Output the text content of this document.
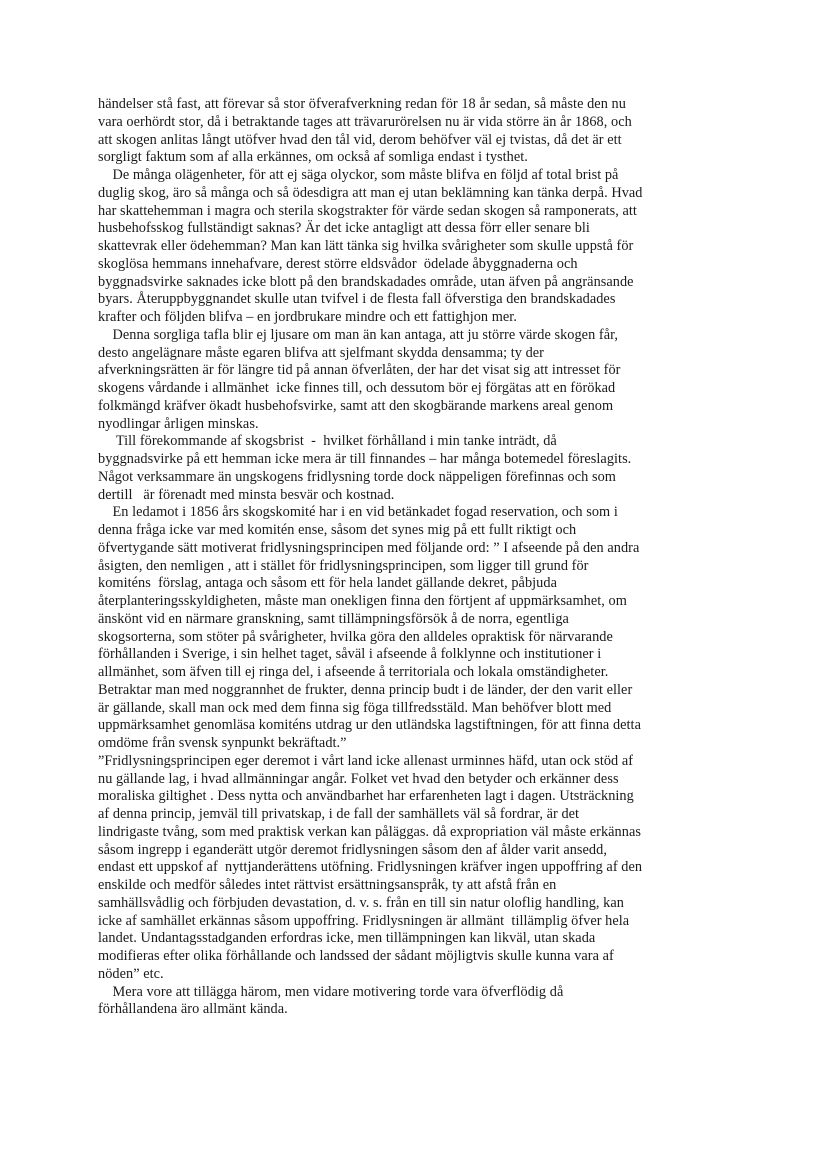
händelser stå fast, att förevar så stor öfverafverkning redan för 18 år sedan, så måste den nu
vara oerhördt stor, då i betraktande tages att trävarurörelsen nu är vida större än år 1868, och
att skogen anlitas långt utöfver hvad den tål vid, derom behöfver väl ej tvistas, då det är ett
sorgligt faktum som af alla erkännes, om också af somliga endast i tysthet.
De många olägenheter, för att ej säga olyckor, som måste blifva en följd af total brist på
duglig skog, äro så många och så ödesdigra att man ej utan beklämning kan tänka derpå. Hvad
har skattehemman i magra och sterila skogstrakter för värde sedan skogen så ramponerats, att
husbehofsskog fullständigt saknas? Är det icke antagligt att dessa förr eller senare bli
skattevrak eller ödehemman? Man kan lätt tänka sig hvilka svårigheter som skulle uppstå för
skoglösa hemmans innehafvare, derest större eldsvådor  ödelade åbyggnaderna och
byggnadsvirke saknades icke blott på den brandskadades område, utan äfven på angränsande
byars. Återuppbyggnandet skulle utan tvifvel i de flesta fall öfverstiga den brandskadades
krafter och följden blifva – en jordbrukare mindre och ett fattighjon mer.
Denna sorgliga tafla blir ej ljusare om man än kan antaga, att ju större värde skogen får,
desto angelägnare måste egaren blifva att sjelfmant skydda densamma; ty der
afverkningsrätten är för längre tid på annan öfverlåten, der har det visat sig att intresset för
skogens vårdande i allmänhet  icke finnes till, och dessutom bör ej förgätas att en förökad
folkmängd kräfver ökadt husbehofsvirke, samt att den skogbärande markens areal genom
nyodlingar årligen minskas.
Till förekommande af skogsbrist  -  hvilket förhålland i min tanke inträdt, då
byggnadsvirke på ett hemman icke mera är till finnandes – har många botemedel föreslagits.
Något verksammare än ungskogens fridlysning torde dock näppeligen förefinnas och som
dertill   är förenadt med minsta besvär och kostnad.
En ledamot i 1856 års skogskomité har i en vid betänkadet fogad reservation, och som i
denna fråga icke var med komitén ense, såsom det synes mig på ett fullt riktigt och
öfvertygande sätt motiverat fridlysningsprincipen med följande ord: ” I afseende på den andra
åsigten, den nemligen , att i stället för fridlysningsprincipen, som ligger till grund för
komiténs  förslag, antaga och såsom ett för hela landet gällande dekret, påbjuda
återplanteringsskyldigheten, måste man onekligen finna den förtjent af uppmärksamhet, om
änskönt vid en närmare granskning, samt tillämpningsförsök å de norra, egentliga
skogsorterna, som stöter på svårigheter, hvilka göra den alldeles opraktisk för närvarande
förhållanden i Sverige, i sin helhet taget, såväl i afseende å folklynne och institutioner i
allmänhet, som äfven till ej ringa del, i afseende å territoriala och lokala omständigheter.
Betraktar man med noggrannhet de frukter, denna princip budt i de länder, der den varit eller
är gällande, skall man ock med dem finna sig föga tillfredsstäld. Man behöfver blott med
uppmärksamhet genomläsa komiténs utdrag ur den utländska lagstiftningen, för att finna detta
omdöme från svensk synpunkt bekräftadt.”
”Fridlysningsprincipen eger deremot i vårt land icke allenast urminnes häfd, utan ock stöd af
nu gällande lag, i hvad allmänningar angår. Folket vet hvad den betyder och erkänner dess
moraliska giltighet . Dess nytta och användbarhet har erfarenheten lagt i dagen. Utsträckning
af denna princip, jemväl till privatskap, i de fall der samhällets väl så fordrar, är det
lindrigaste tvång, som med praktisk verkan kan påläggas. då expropriation väl måste erkännas
såsom ingrepp i eganderätt utgör deremot fridlysningen såsom den af ålder varit ansedd,
endast ett uppskof af  nyttjanderättens utöfning. Fridlysningen kräfver ingen uppoffring af den
enskilde och medför således intet rättvist ersättningsanspråk, ty att afstå från en
samhällsvådlig och förbjuden devastation, d. v. s. från en till sin natur oloflig handling, kan
icke af samhället erkännas såsom uppoffring. Fridlysningen är allmänt  tillämplig öfver hela
landet. Undantagsstadganden erfordras icke, men tillämpningen kan likväl, utan skada
modifieras efter olika förhållande och landssed der sådant möjligtvis skulle kunna vara af
nöden” etc.
Mera vore att tillägga härom, men vidare motivering torde vara öfverflödig då
förhållandena äro allmänt kända.
